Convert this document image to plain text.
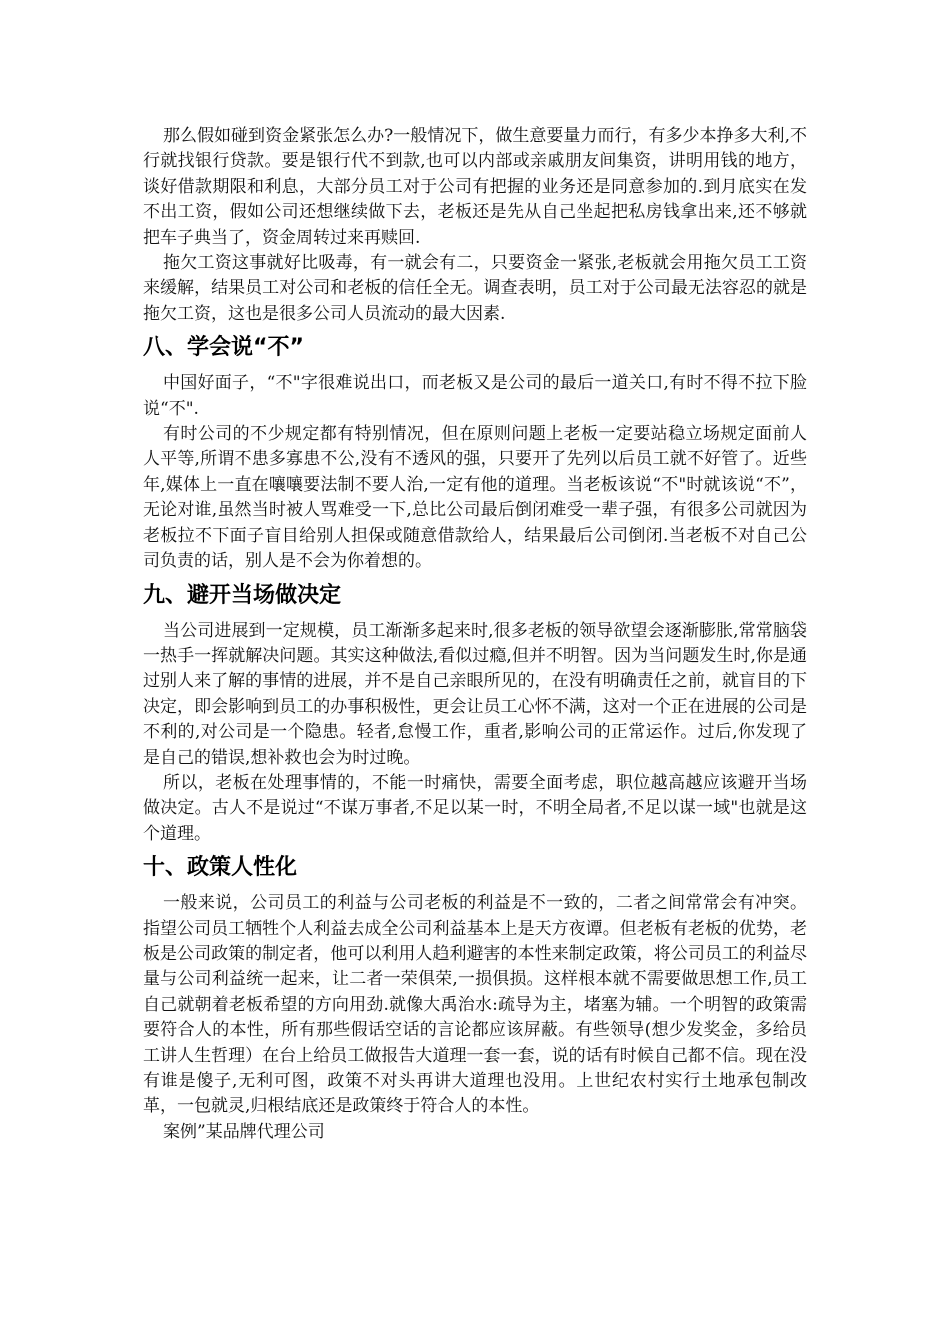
那么假如碰到资金紧张怎么办?一般情况下，做生意要量力而行，有多少本挣多大利,不行就找银行贷款。要是银行代不到款,也可以内部或亲戚朋友间集资，讲明用钱的地方，谈好借款期限和利息，大部分员工对于公司有把握的业务还是同意参加的.到月底实在发不出工资，假如公司还想继续做下去，老板还是先从自己坐起把私房钱拿出来,还不够就把车子典当了，资金周转过来再赎回.

拖欠工资这事就好比吸毒，有一就会有二，只要资金一紧张,老板就会用拖欠员工工资来缓解，结果员工对公司和老板的信任全无。调查表明，员工对于公司最无法容忍的就是拖欠工资，这也是很多公司人员流动的最大因素.

八、学会说“不”

中国好面子，“不"字很难说出口，而老板又是公司的最后一道关口,有时不得不拉下脸说“不".

有时公司的不少规定都有特别情况，但在原则问题上老板一定要站稳立场规定面前人人平等,所谓不患多寡患不公,没有不透风的强，只要开了先列以后员工就不好管了。近些年,媒体上一直在嚷嚷要法制不要人治,一定有他的道理。当老板该说“不"时就该说“不”，无论对谁,虽然当时被人骂难受一下,总比公司最后倒闭难受一辈子强，有很多公司就因为老板拉不下面子盲目给别人担保或随意借款给人，结果最后公司倒闭.当老板不对自己公司负责的话，别人是不会为你着想的。

九、避开当场做决定

当公司进展到一定规模，员工渐渐多起来时,很多老板的领导欲望会逐渐膨胀,常常脑袋一热手一挥就解决问题。其实这种做法,看似过瘾,但并不明智。因为当问题发生时,你是通过别人来了解的事情的进展，并不是自己亲眼所见的，在没有明确责任之前，就盲目的下决定，即会影响到员工的办事积极性，更会让员工心怀不满，这对一个正在进展的公司是不利的,对公司是一个隐患。轻者,怠慢工作，重者,影响公司的正常运作。过后,你发现了是自己的错误,想补救也会为时过晚。

所以，老板在处理事情的，不能一时痛快，需要全面考虑，职位越高越应该避开当场做决定。古人不是说过“不谋万事者,不足以某一时，不明全局者,不足以谋一域"也就是这个道理。

十、政策人性化

一般来说，公司员工的利益与公司老板的利益是不一致的，二者之间常常会有冲突。指望公司员工牺牲个人利益去成全公司利益基本上是天方夜谭。但老板有老板的优势，老板是公司政策的制定者，他可以利用人趋利避害的本性来制定政策，将公司员工的利益尽量与公司利益统一起来，让二者一荣俱荣,一损俱损。这样根本就不需要做思想工作,员工自己就朝着老板希望的方向用劲.就像大禹治水:疏导为主，堵塞为辅。一个明智的政策需要符合人的本性，所有那些假话空话的言论都应该屏蔽。有些领导(想少发奖金，多给员工讲人生哲理）在台上给员工做报告大道理一套一套，说的话有时候自己都不信。现在没有谁是傻子,无利可图，政策不对头再讲大道理也没用。上世纪农村实行土地承包制改革，一包就灵,归根结底还是政策终于符合人的本性。

案例”某品牌代理公司
